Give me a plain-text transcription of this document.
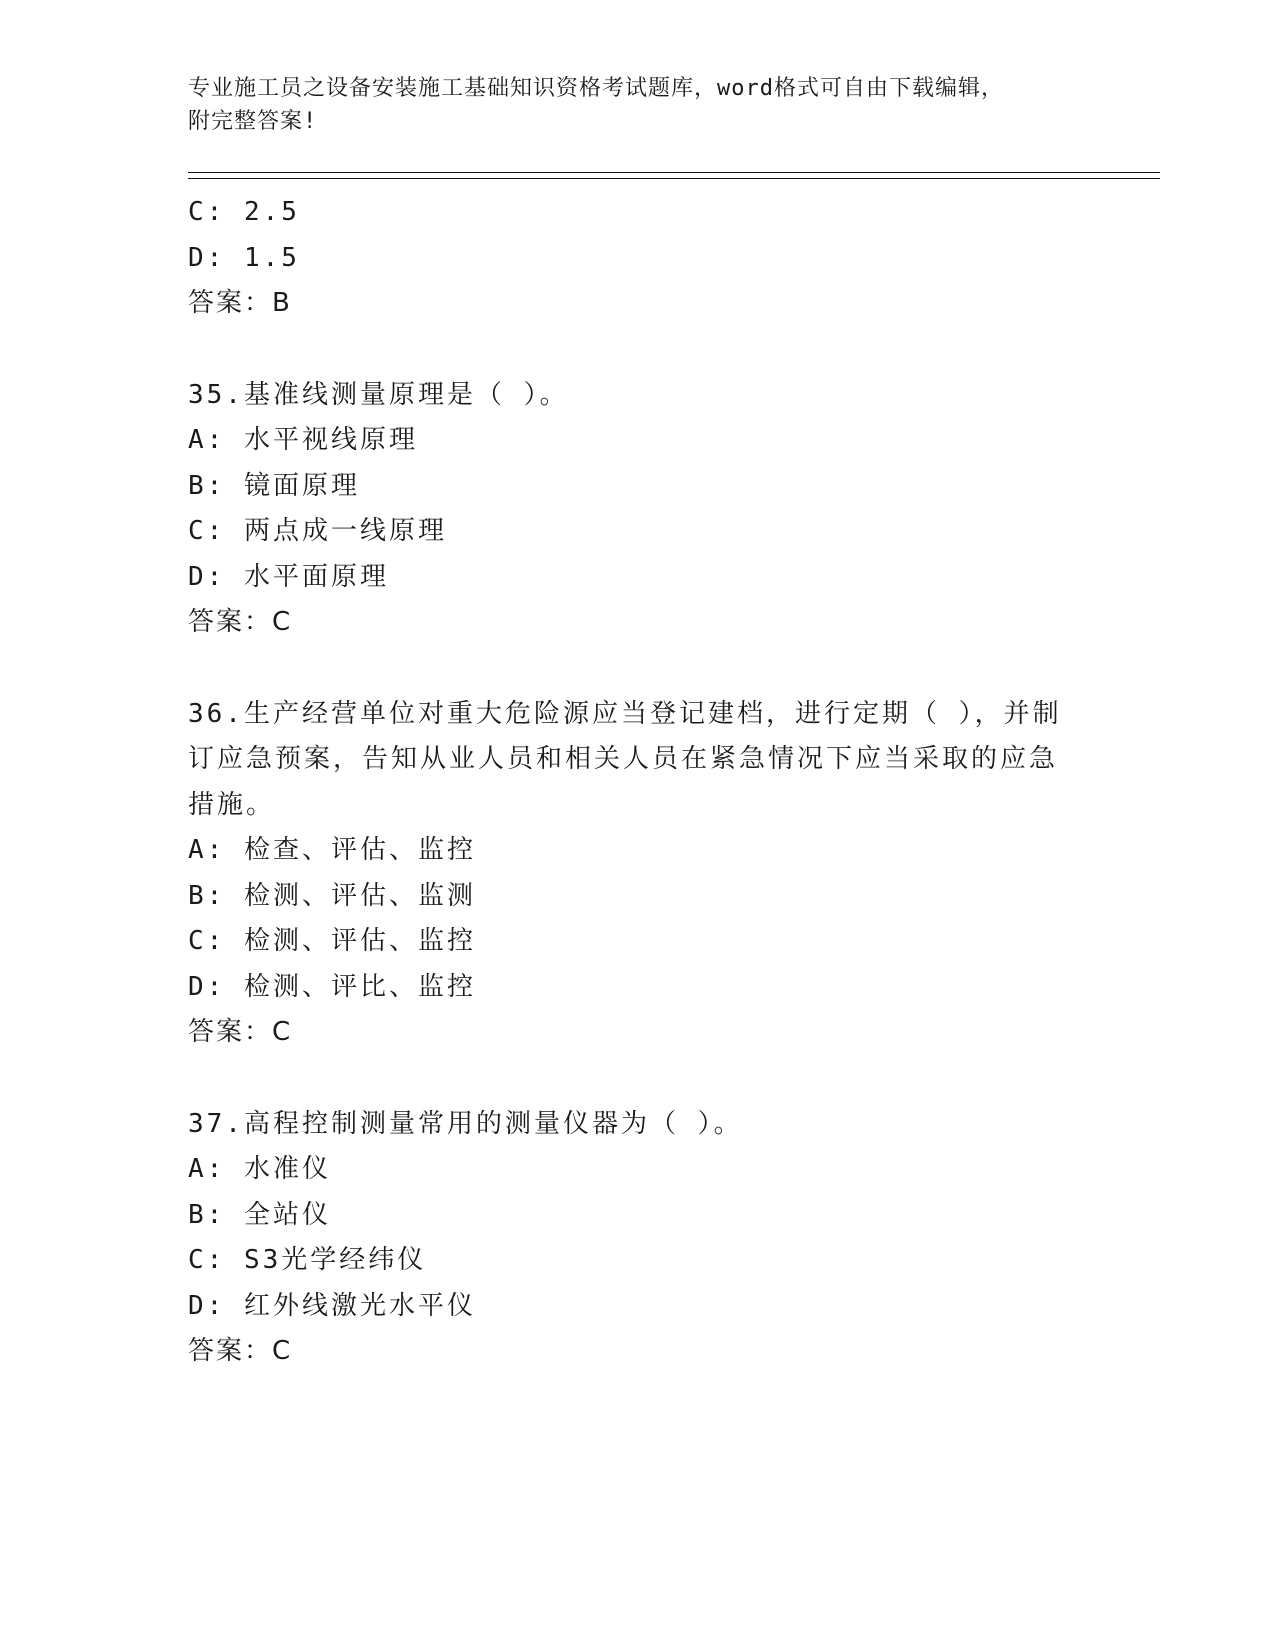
专业施工员之设备安装施工基础知识资格考试题库，word格式可自由下载编辑，
附完整答案!
C: 2.5
D: 1.5
答案：B
35.基准线测量原理是（ ）。
A: 水平视线原理
B: 镜面原理
C: 两点成一线原理
D: 水平面原理
答案：C
36.生产经营单位对重大危险源应当登记建档，进行定期（ ），并制订应急预案，告知从业人员和相关人员在紧急情况下应当采取的应急措施。
A: 检查、评估、监控
B: 检测、评估、监测
C: 检测、评估、监控
D: 检测、评比、监控
答案：C
37.高程控制测量常用的测量仪器为（ ）。
A: 水准仪
B: 全站仪
C: S3光学经纬仪
D: 红外线激光水平仪
答案：C
